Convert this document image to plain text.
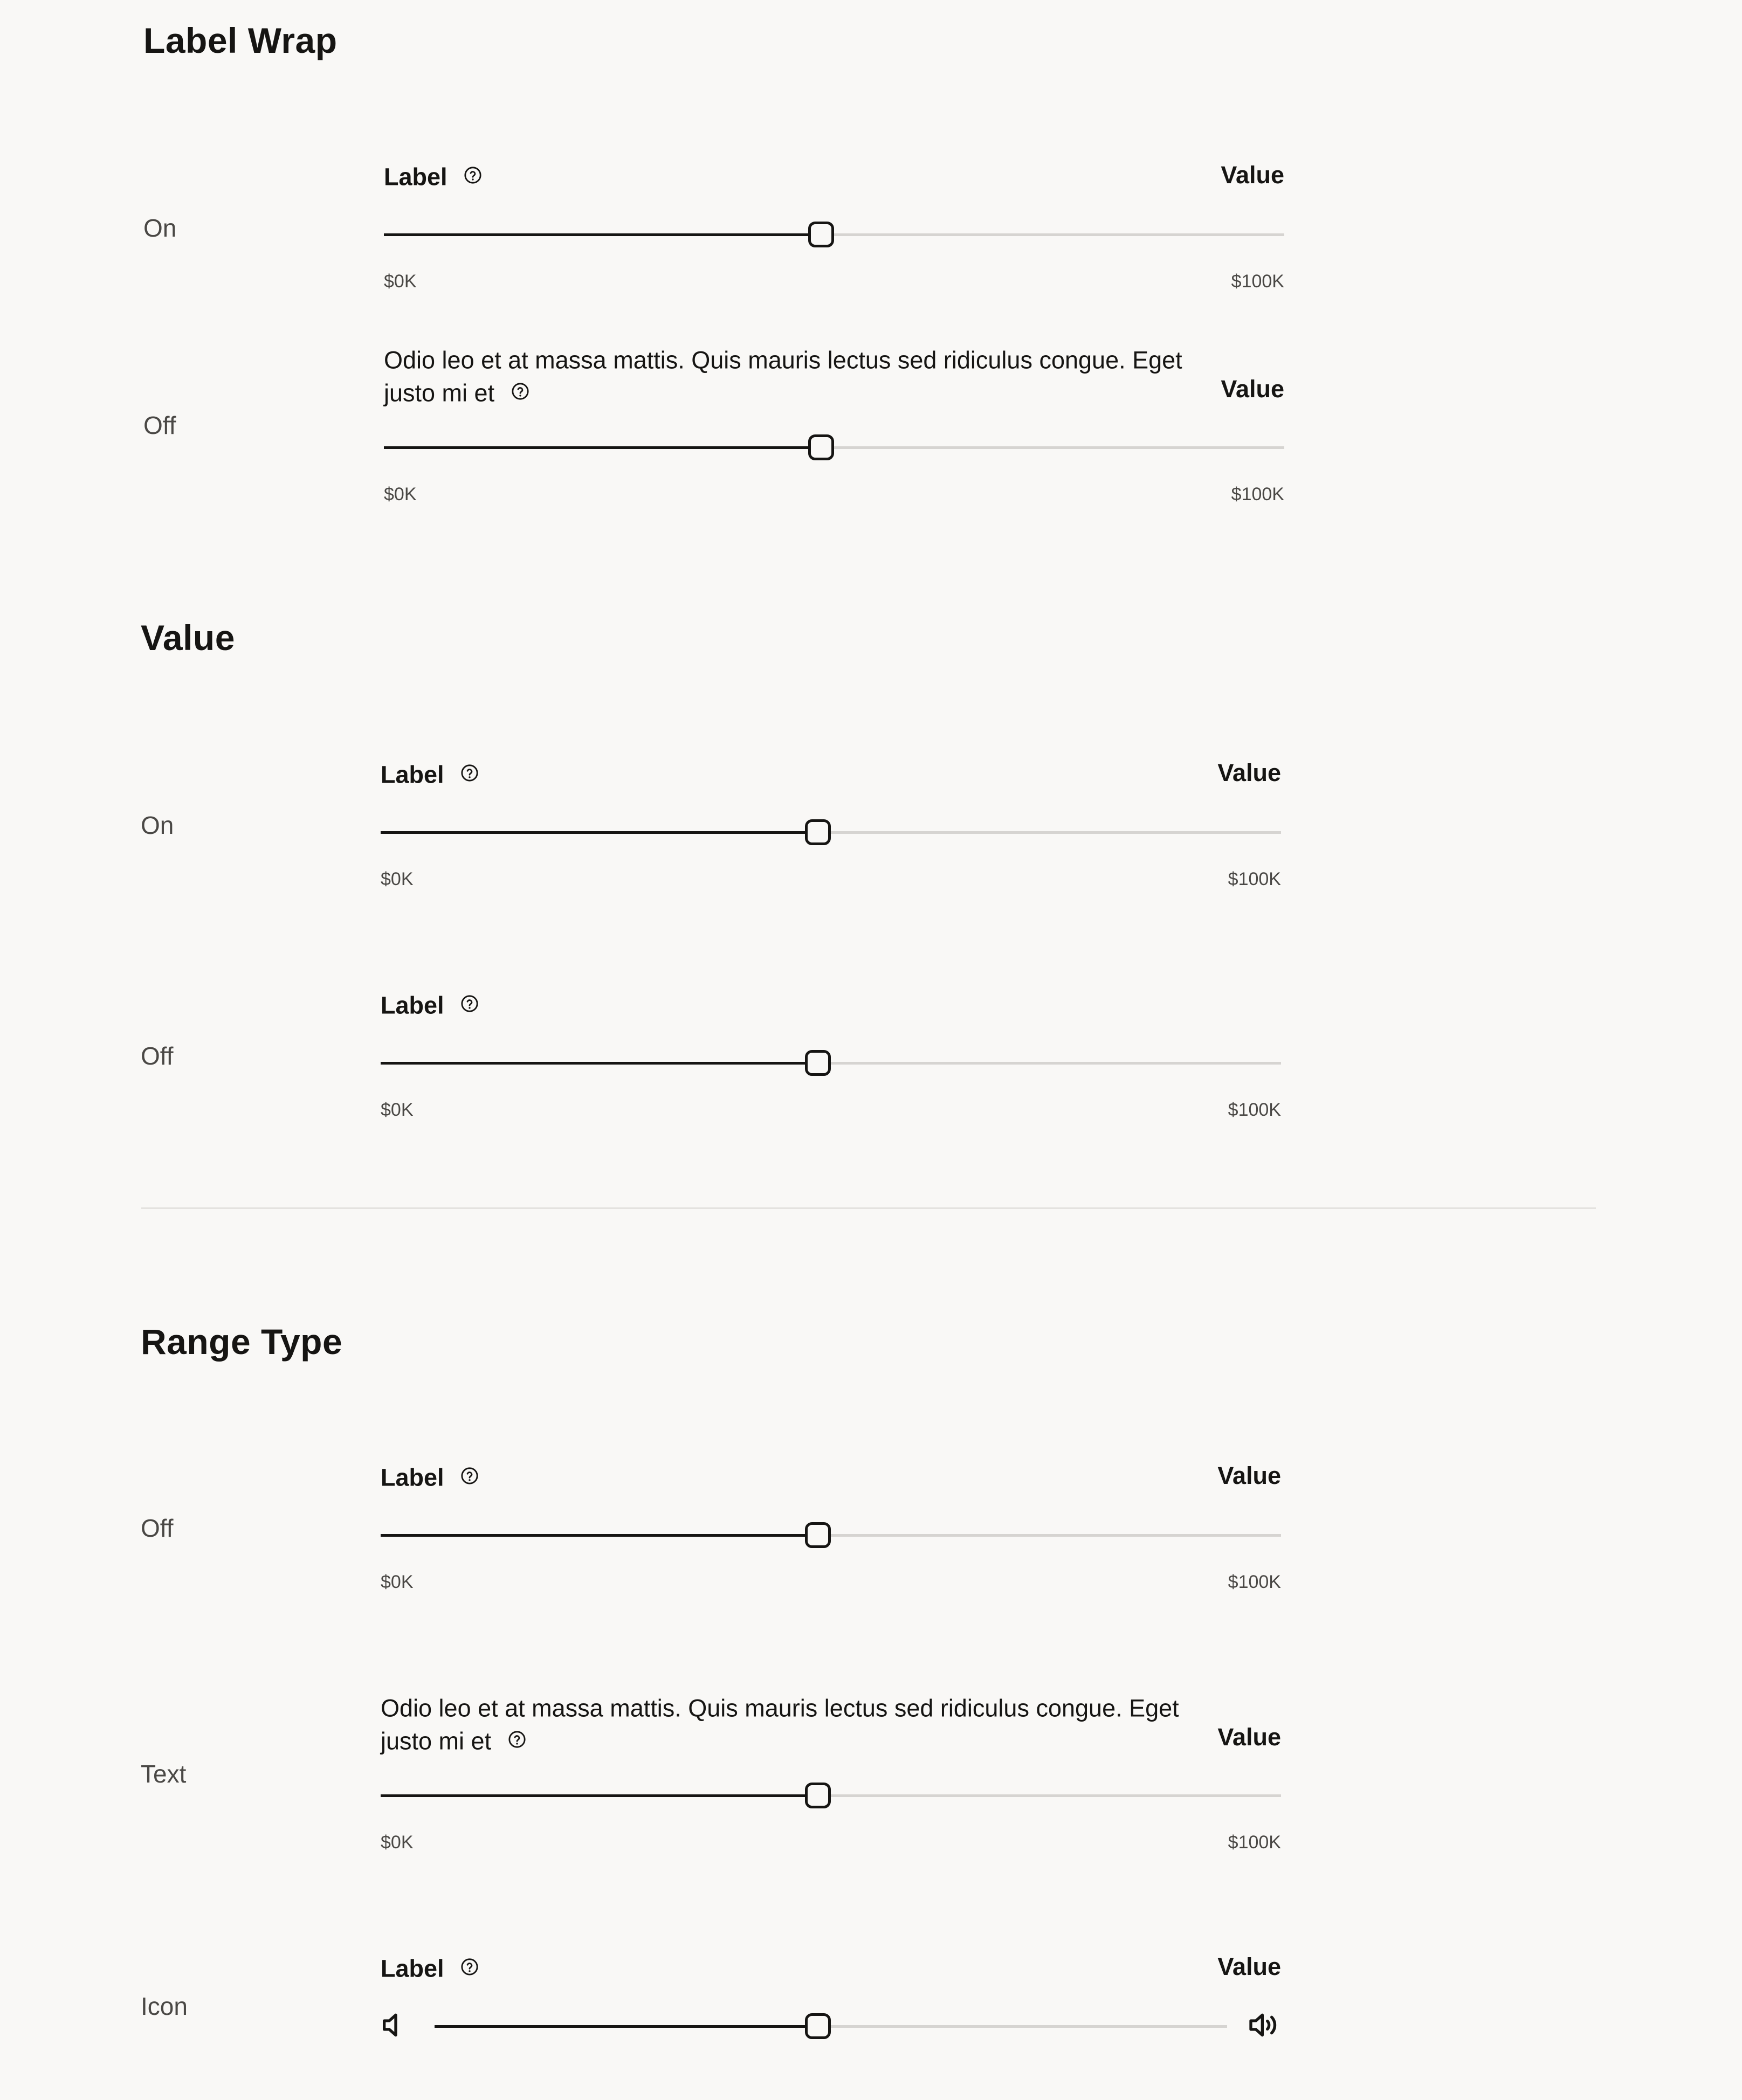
Label Wrap
On
Label	Value
$0K	$100K
Off
Odio leo et at massa mattis. Quis mauris lectus sed ridiculus congue. Eget justo mi et	Value
$0K	$100K
Value
On
Label	Value
$0K	$100K
Off
Label
$0K	$100K
Range Type
Off
Label	Value
$0K	$100K
Text
Odio leo et at massa mattis. Quis mauris lectus sed ridiculus congue. Eget justo mi et	Value
$0K	$100K
Icon
Label	Value
